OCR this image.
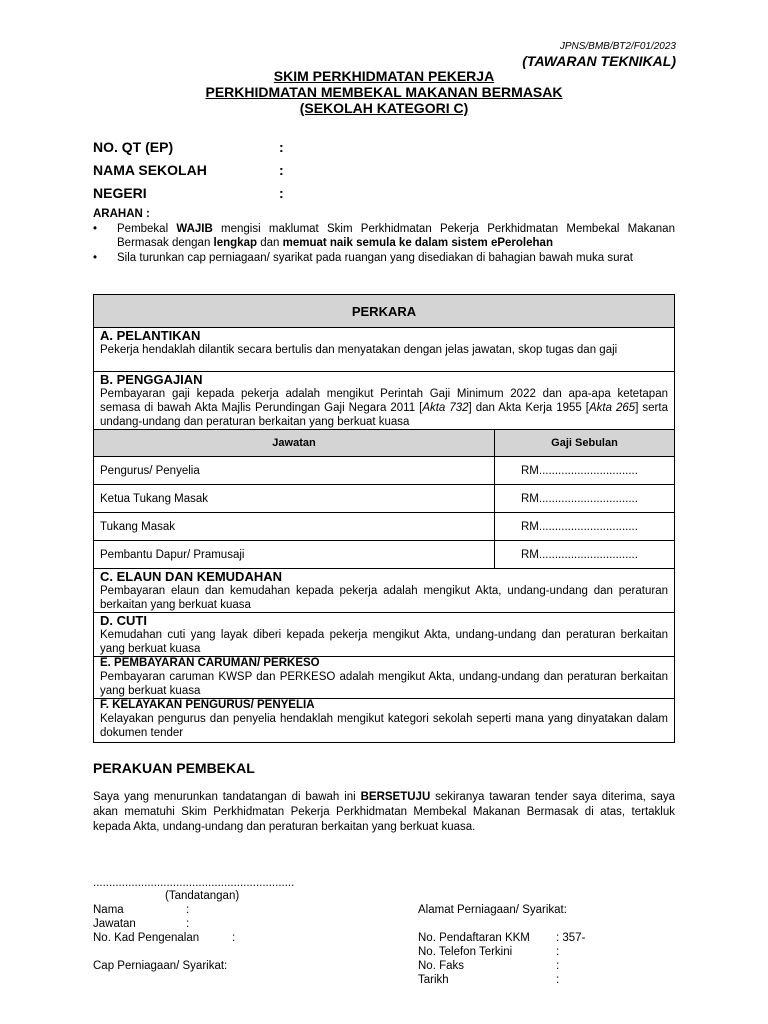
JPNS/BMB/BT2/F01/2023
(TAWARAN TEKNIKAL)
SKIM PERKHIDMATAN PEKERJA
PERKHIDMATAN MEMBEKAL MAKANAN BERMASAK
(SEKOLAH KATEGORI C)
NO. QT (EP)	:
NAMA SEKOLAH	:
NEGERI	:
ARAHAN :
• Pembekal WAJIB mengisi maklumat Skim Perkhidmatan Pekerja Perkhidmatan Membekal Makanan Bermasak dengan lengkap dan memuat naik semula ke dalam sistem ePerolehan
• Sila turunkan cap perniagaan/ syarikat pada ruangan yang disediakan di bahagian bawah muka surat
PERKARA	

A. PELANTIKAN
Pekerja hendaklah dilantik secara bertulis dan menyatakan dengan jelas jawatan, skop tugas dan gaji	

B. PENGGAJIAN
Pembayaran gaji kepada pekerja adalah mengikut Perintah Gaji Minimum 2022 dan apa-apa ketetapan semasa di bawah Akta Majlis Perundingan Gaji Negara 2011 [Akta 732] dan Akta Kerja 1955 [Akta 265] serta undang-undang dan peraturan berkaitan yang berkuat kuasa	

Jawatan	Gaji Sebulan
Pengurus/ Penyelia	RM...............................
Ketua Tukang Masak	RM...............................
Tukang Masak	RM...............................
Pembantu Dapur/ Pramusaji	RM...............................

C. ELAUN DAN KEMUDAHAN
Pembayaran elaun dan kemudahan kepada pekerja adalah mengikut Akta, undang-undang dan peraturan berkaitan yang berkuat kuasa	

D. CUTI
Kemudahan cuti yang layak diberi kepada pekerja mengikut Akta, undang-undang dan peraturan berkaitan yang berkuat kuasa	

E. PEMBAYARAN CARUMAN/ PERKESO
Pembayaran caruman KWSP dan PERKESO adalah mengikut Akta, undang-undang dan peraturan berkaitan yang berkuat kuasa	

F. KELAYAKAN PENGURUS/ PENYELIA
Kelayakan pengurus dan penyelia hendaklah mengikut kategori sekolah seperti mana yang dinyatakan dalam dokumen tender	
PERAKUAN PEMBEKAL
Saya yang menurunkan tandatangan di bawah ini BERSETUJU sekiranya tawaran tender saya diterima, saya akan mematuhi Skim Perkhidmatan Pekerja Perkhidmatan Membekal Makanan Bermasak di atas, tertakluk kepada Akta, undang-undang dan peraturan berkaitan yang berkuat kuasa.
...............................................................
(Tandatangan)
Nama	:
Jawatan	:
No. Kad Pengenalan	:
Cap Perniagaan/ Syarikat:
Alamat Perniagaan/ Syarikat:
No. Pendaftaran KKM : 357-
No. Telefon Terkini	:
No. Faks	:
Tarikh	:
